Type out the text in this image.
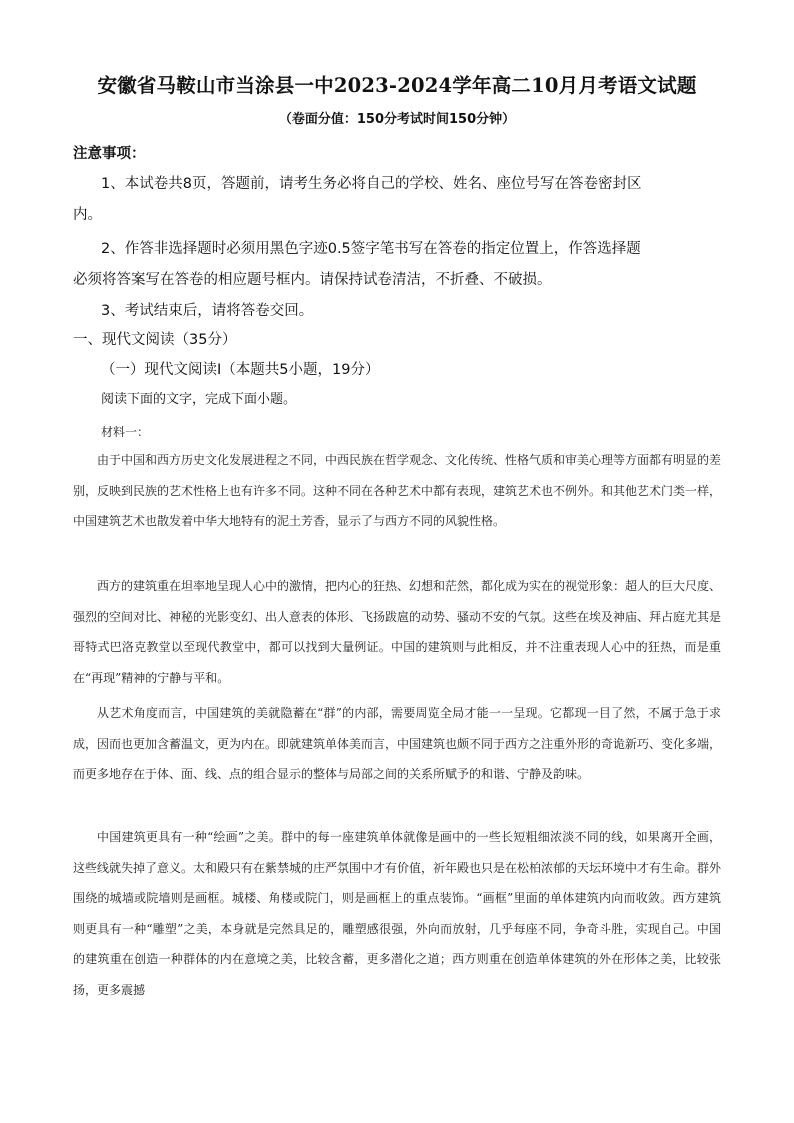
安徽省马鞍山市当涂县一中2023-2024学年高二10月月考语文试题
（卷面分值：150分考试时间150分钟）
注意事项：
1、本试卷共8页，答题前，请考生务必将自己的学校、姓名、座位号写在答卷密封区
内。
2、作答非选择题时必须用黑色字迹0.5签字笔书写在答卷的指定位置上，作答选择题
必须将答案写在答卷的相应题号框内。请保持试卷清洁，不折叠、不破损。
3、考试结束后，请将答卷交回。
一、现代文阅读（35分）
（一）现代文阅读Ⅰ（本题共5小题，19分）
阅读下面的文字，完成下面小题。
材料一：
由于中国和西方历史文化发展进程之不同，中西民族在哲学观念、文化传统、性格气质和审美心理等方面都有明显的差别，反映到民族的艺术性格上也有许多不同。这种不同在各种艺术中都有表现，建筑艺术也不例外。和其他艺术门类一样，中国建筑艺术也散发着中华大地特有的泥土芳香，显示了与西方不同的风貌性格。
西方的建筑重在坦率地呈现人心中的激情，把内心的狂热、幻想和茫然，都化成为实在的视觉形象：超人的巨大尺度、强烈的空间对比、神秘的光影变幻、出人意表的体形、飞扬跋扈的动势、骚动不安的气氛。这些在埃及神庙、拜占庭尤其是哥特式巴洛克教堂以至现代教堂中，都可以找到大量例证。中国的建筑则与此相反，并不注重表现人心中的狂热，而是重在“再现”精神的宁静与平和。
从艺术角度而言，中国建筑的美就隐蓄在“群”的内部，需要周览全局才能一一呈现。它都现一目了然，不属于急于求成，因而也更加含蓄温文，更为内在。即就建筑单体美而言，中国建筑也颇不同于西方之注重外形的奇诡新巧、变化多端，而更多地存在于体、面、线、点的组合显示的整体与局部之间的关系所赋予的和谐、宁静及韵味。
中国建筑更具有一种“绘画”之美。群中的每一座建筑单体就像是画中的一些长短粗细浓淡不同的线，如果离开全画，这些线就失掉了意义。太和殿只有在紫禁城的庄严氛围中才有价值，祈年殿也只是在松柏浓郁的天坛环境中才有生命。群外围绕的城墙或院墙则是画框。城楼、角楼或院门，则是画框上的重点装饰。“画框”里面的单体建筑内向而收敛。西方建筑则更具有一种“雕塑”之美，本身就是完然具足的，雕塑感很强，外向而放射，几乎每座不同，争奇斗胜，实现自己。中国的建筑重在创造一种群体的内在意境之美，比较含蓄，更多潜化之道；西方则重在创造单体建筑的外在形体之美，比较张扬，更多震撼
